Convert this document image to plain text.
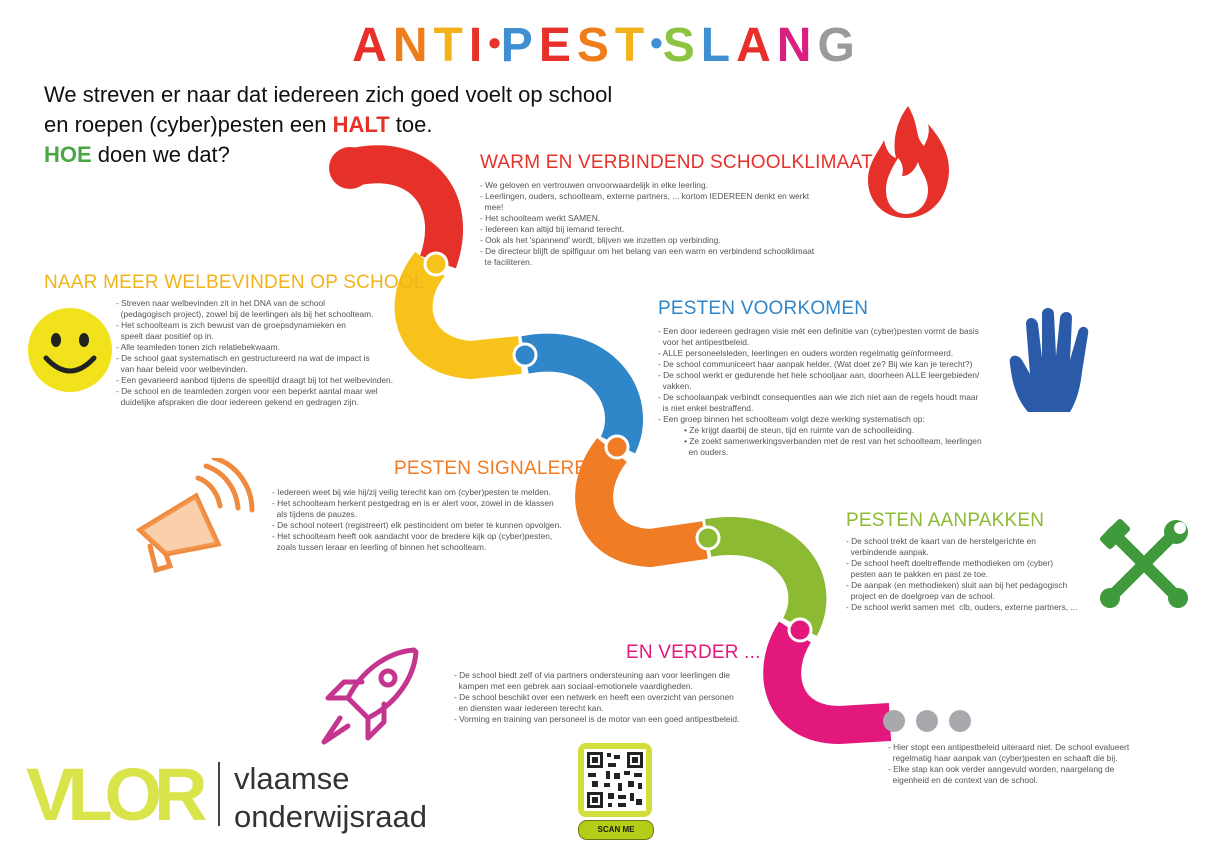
ANTI•PEST•SLANG
We streven er naar dat iedereen zich goed voelt op school
en roepen (cyber)pesten een HALT toe.
HOE doen we dat?	WARM EN VERBINDEND SCHOOLKLIMAAT
- We geloven en vertrouwen onvoorwaardelijk in elke leerling.
- Leerlingen, ouders, schoolteam, externe partners, ... kortom IEDEREEN denkt en werkt
mee!
- Het schoolteam werkt SAMEN.
- Iedereen kan altijd bij iemand terecht.
- Ook als het 'spannend' wordt, blijven we inzetten op verbinding.
- De directeur blijft de spilfiguur om het belang van een warm en verbindend schoolklimaat
te faciliteren.
NAAR MEER WELBEVINDEN OP SCHOOL
- Streven naar welbevinden zit in het DNA van de school
(pedagogisch project), zowel bij de leerlingen als bij het schoolteam.
- Het schoolteam is zich bewust van de groepsdynamieken en
speelt daar positief op in.
- Alle teamleden tonen zich relatiebekwaam.
- De school gaat systematisch en gestructureerd na wat de impact is
van haar beleid voor welbevinden.
- Een gevarieerd aanbod tijdens de speeltijd draagt bij tot het welbevinden.
- De school en de teamleden zorgen voor een beperkt aantal maar wel
duidelijke afspraken die door iedereen gekend en gedragen zijn.
PESTEN VOORKOMEN
- Een door iedereen gedragen visie mét een definitie van (cyber)pesten vormt de basis
voor het antipestbeleid.
- ALLE personeelsleden, leerlingen en ouders worden regelmatig geïnformeerd.
- De school communiceert haar aanpak helder. (Wat doet ze? Bij wie kan je terecht?)
- De school werkt er gedurende het hele schooljaar aan, doorheen ALLE leergebieden/
vakken.
- De schoolaanpak verbindt consequenties aan wie zich niet aan de regels houdt maar
is niet enkel bestraffend.
- Een groep binnen het schoolteam volgt deze werking systematisch op:
• Ze krijgt daarbij de steun, tijd en ruimte van de schoolleiding.
• Ze zoekt samenwerkingsverbanden met de rest van het schoolteam, leerlingen
en ouders.
PESTEN SIGNALEREN
- Iedereen weet bij wie hij/zij veilig terecht kan om (cyber)pesten te melden.
- Het schoolteam herkent pestgedrag en is er alert voor, zowel in de klassen
als tijdens de pauzes.
- De school noteert (registreert) elk pestincident om beter te kunnen opvolgen.
- Het schoolteam heeft ook aandacht voor de bredere kijk op (cyber)pesten,
zoals tussen leraar en leerling of binnen het schoolteam.
PESTEN AANPAKKEN
- De school trekt de kaart van de herstelgerichte en
verbindende aanpak.
- De school heeft doeltreffende methodieken om (cyber)
pesten aan te pakken en past ze toe.
- De aanpak (en methodieken) sluit aan bij het pedagogisch
project en de doelgroep van de school.
- De school werkt samen met  clb, ouders, externe partners, ...
EN VERDER ... ?
- De school biedt zelf of via partners ondersteuning aan voor leerlingen die
kampen met een gebrek aan sociaal-emotionele vaardigheden.
- De school beschikt over een netwerk en heeft een overzicht van personen
en diensten waar iedereen terecht kan.
- Vorming en training van personeel is de motor van een goed antipestbeleid.
- Hier stopt een antipestbeleid uiteraard niet. De school evalueert
regelmatig haar aanpak van (cyber)pesten en schaaft die bij.
- Elke stap kan ook verder aangevuld worden, naargelang de
eigenheid en de context van de school.
SCAN ME
VLOR vlaamse
onderwijsraad
